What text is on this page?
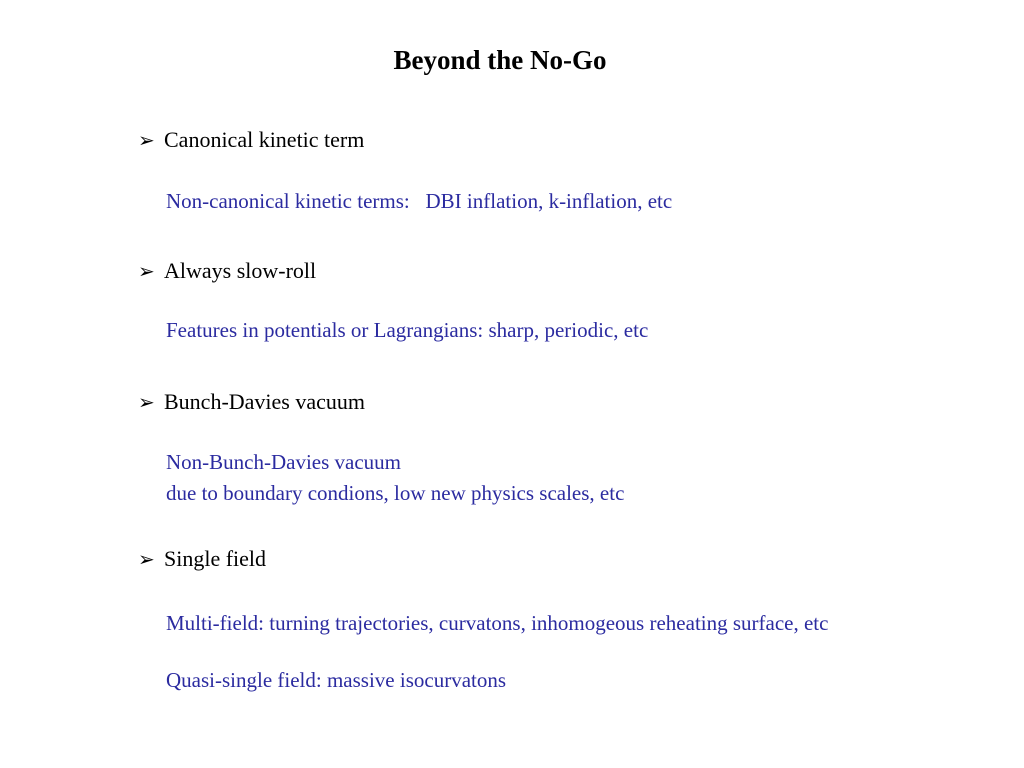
Beyond the No-Go
➢ Canonical kinetic term
Non-canonical kinetic terms:   DBI inflation, k-inflation, etc
➢ Always slow-roll
Features in potentials or Lagrangians: sharp, periodic, etc
➢ Bunch-Davies vacuum
Non-Bunch-Davies vacuum
due to boundary condions, low new physics scales, etc
➢ Single field
Multi-field: turning trajectories, curvatons, inhomogeous reheating surface, etc
Quasi-single field: massive isocurvatons
